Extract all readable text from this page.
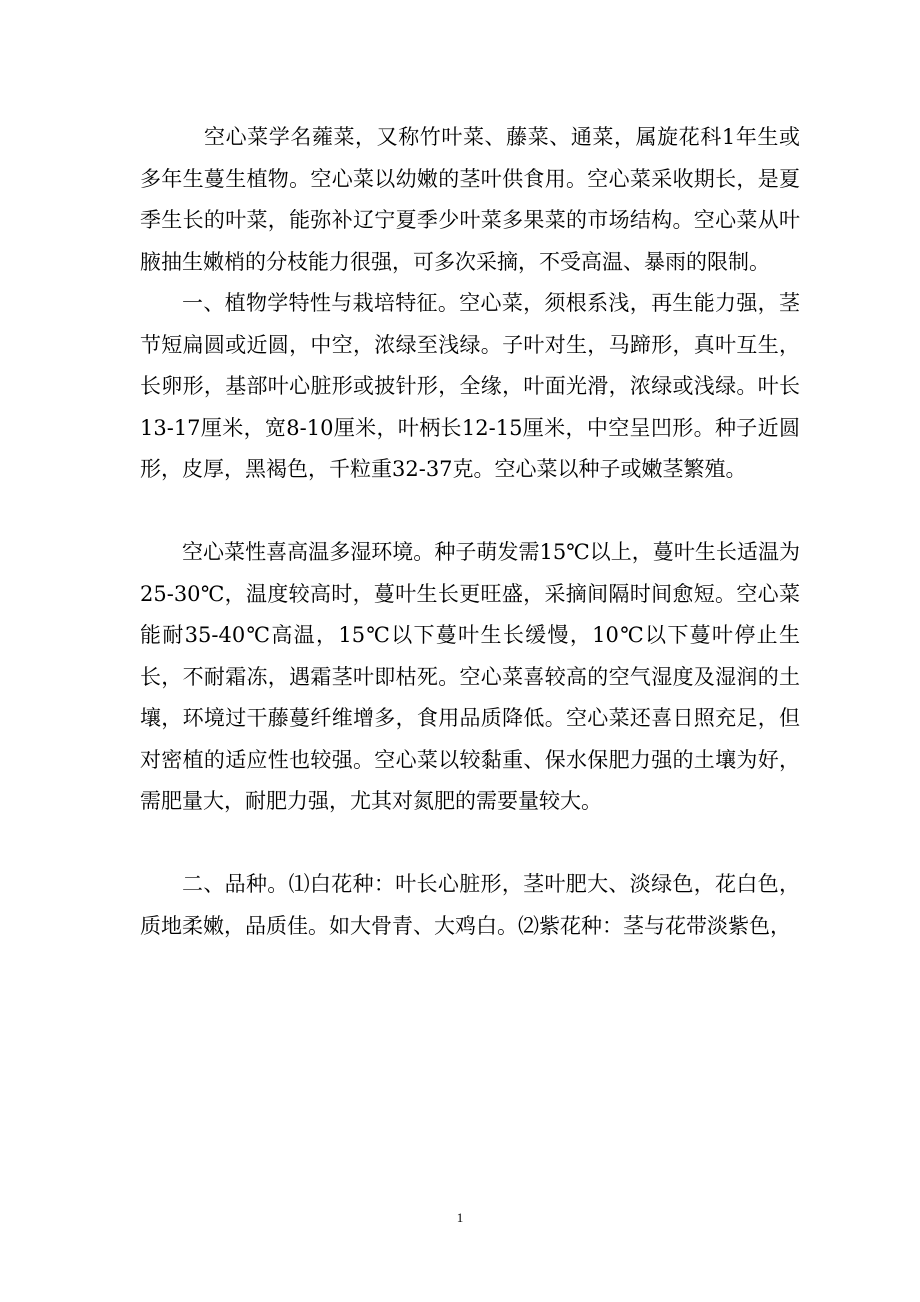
空心菜学名蕹菜，又称竹叶菜、藤菜、通菜，属旋花科1年生或多年生蔓生植物。空心菜以幼嫩的茎叶供食用。空心菜采收期长，是夏季生长的叶菜，能弥补辽宁夏季少叶菜多果菜的市场结构。空心菜从叶腋抽生嫩梢的分枝能力很强，可多次采摘，不受高温、暴雨的限制。

一、植物学特性与栽培特征。空心菜，须根系浅，再生能力强，茎节短扁圆或近圆，中空，浓绿至浅绿。子叶对生，马蹄形，真叶互生，长卵形，基部叶心脏形或披针形，全缘，叶面光滑，浓绿或浅绿。叶长13-17厘米，宽8-10厘米，叶柄长12-15厘米，中空呈凹形。种子近圆形，皮厚，黑褐色，千粒重32-37克。空心菜以种子或嫩茎繁殖。

空心菜性喜高温多湿环境。种子萌发需15℃以上，蔓叶生长适温为25-30℃，温度较高时，蔓叶生长更旺盛，采摘间隔时间愈短。空心菜能耐35-40℃高温，15℃以下蔓叶生长缓慢，10℃以下蔓叶停止生长，不耐霜冻，遇霜茎叶即枯死。空心菜喜较高的空气湿度及湿润的土壤，环境过干藤蔓纤维增多，食用品质降低。空心菜还喜日照充足，但对密植的适应性也较强。空心菜以较黏重、保水保肥力强的土壤为好，需肥量大，耐肥力强，尤其对氮肥的需要量较大。

二、品种。⑴白花种：叶长心脏形，茎叶肥大、淡绿色，花白色，质地柔嫩，品质佳。如大骨青、大鸡白。⑵紫花种：茎与花带淡紫色，

1
